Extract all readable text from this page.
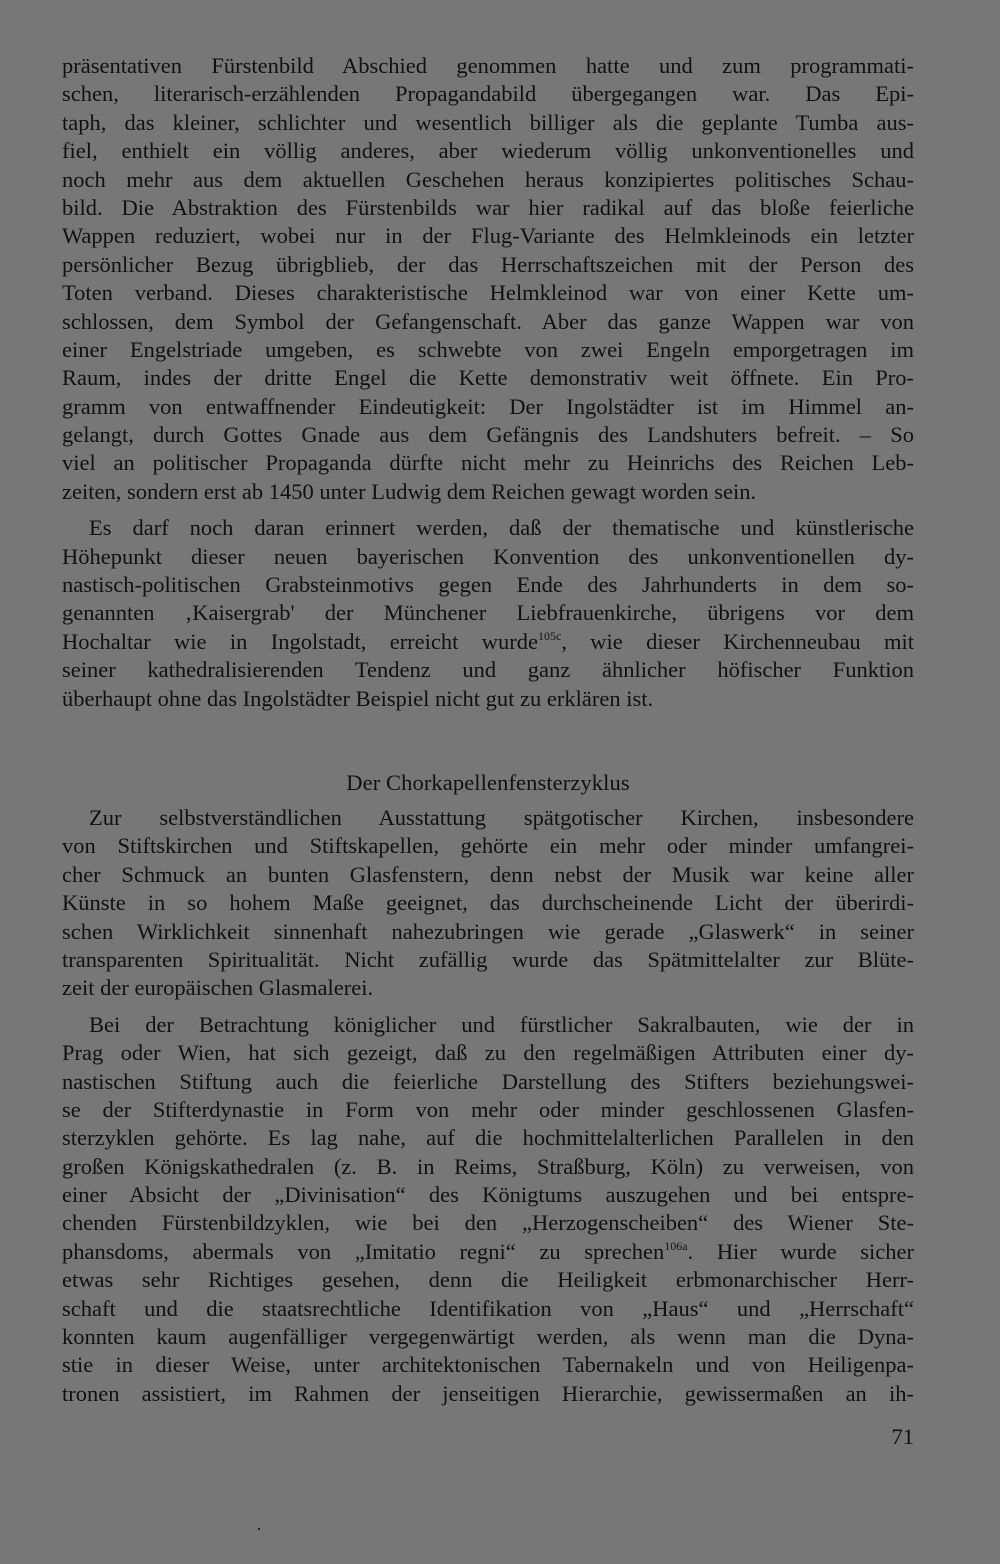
präsentativen Fürstenbild Abschied genommen hatte und zum programmati-
schen, literarisch-erzählenden Propagandabild übergegangen war. Das Epi-
taph, das kleiner, schlichter und wesentlich billiger als die geplante Tumba aus-
fiel, enthielt ein völlig anderes, aber wiederum völlig unkonventionelles und
noch mehr aus dem aktuellen Geschehen heraus konzipiertes politisches Schau-
bild. Die Abstraktion des Fürstenbilds war hier radikal auf das bloße feierliche
Wappen reduziert, wobei nur in der Flug-Variante des Helmkleinods ein letzter
persönlicher Bezug übrigblieb, der das Herrschaftszeichen mit der Person des
Toten verband. Dieses charakteristische Helmkleinod war von einer Kette um-
schlossen, dem Symbol der Gefangenschaft. Aber das ganze Wappen war von
einer Engelstriade umgeben, es schwebte von zwei Engeln emporgetragen im
Raum, indes der dritte Engel die Kette demonstrativ weit öffnete. Ein Pro-
gramm von entwaffnender Eindeutigkeit: Der Ingolstädter ist im Himmel an-
gelangt, durch Gottes Gnade aus dem Gefängnis des Landshuters befreit. – So
viel an politischer Propaganda dürfte nicht mehr zu Heinrichs des Reichen Leb-
zeiten, sondern erst ab 1450 unter Ludwig dem Reichen gewagt worden sein.
Es darf noch daran erinnert werden, daß der thematische und künstlerische
Höhepunkt dieser neuen bayerischen Konvention des unkonventionellen dy-
nastisch-politischen Grabsteinmotivs gegen Ende des Jahrhunderts in dem so-
genannten ‚Kaisergrab' der Münchener Liebfrauenkirche, übrigens vor dem
Hochaltar wie in Ingolstadt, erreicht wurde$^{105c}$, wie dieser Kirchenneubau mit
seiner kathedralisierenden Tendenz und ganz ähnlicher höfischer Funktion
überhaupt ohne das Ingolstädter Beispiel nicht gut zu erklären ist.
Der Chorkapellenfensterzyklus
Zur selbstverständlichen Ausstattung spätgotischer Kirchen, insbesondere
von Stiftskirchen und Stiftskapellen, gehörte ein mehr oder minder umfangrei-
cher Schmuck an bunten Glasfenstern, denn nebst der Musik war keine aller
Künste in so hohem Maße geeignet, das durchscheinende Licht der überirdi-
schen Wirklichkeit sinnenhaft nahezubringen wie gerade „Glaswerk“ in seiner
transparenten Spiritualität. Nicht zufällig wurde das Spätmittelalter zur Blüte-
zeit der europäischen Glasmalerei.
Bei der Betrachtung königlicher und fürstlicher Sakralbauten, wie der in
Prag oder Wien, hat sich gezeigt, daß zu den regelmäßigen Attributen einer dy-
nastischen Stiftung auch die feierliche Darstellung des Stifters beziehungswei-
se der Stifterdynastie in Form von mehr oder minder geschlossenen Glasfen-
sterzyklen gehörte. Es lag nahe, auf die hochmittelalterlichen Parallelen in den
großen Königskathedralen (z. B. in Reims, Straßburg, Köln) zu verweisen, von
einer Absicht der „Divinisation“ des Königtums auszugehen und bei entspre-
chenden Fürstenbildzyklen, wie bei den „Herzogenscheiben“ des Wiener Ste-
phansdoms, abermals von „Imitatio regni“ zu sprechen$^{106a}$. Hier wurde sicher
etwas sehr Richtiges gesehen, denn die Heiligkeit erbmonarchischer Herr-
schaft und die staatsrechtliche Identifikation von „Haus“ und „Herrschaft“
konnten kaum augenfälliger vergegenwärtigt werden, als wenn man die Dyna-
stie in dieser Weise, unter architektonischen Tabernakeln und von Heiligenpa-
tronen assistiert, im Rahmen der jenseitigen Hierarchie, gewissermaßen an ih-
71
